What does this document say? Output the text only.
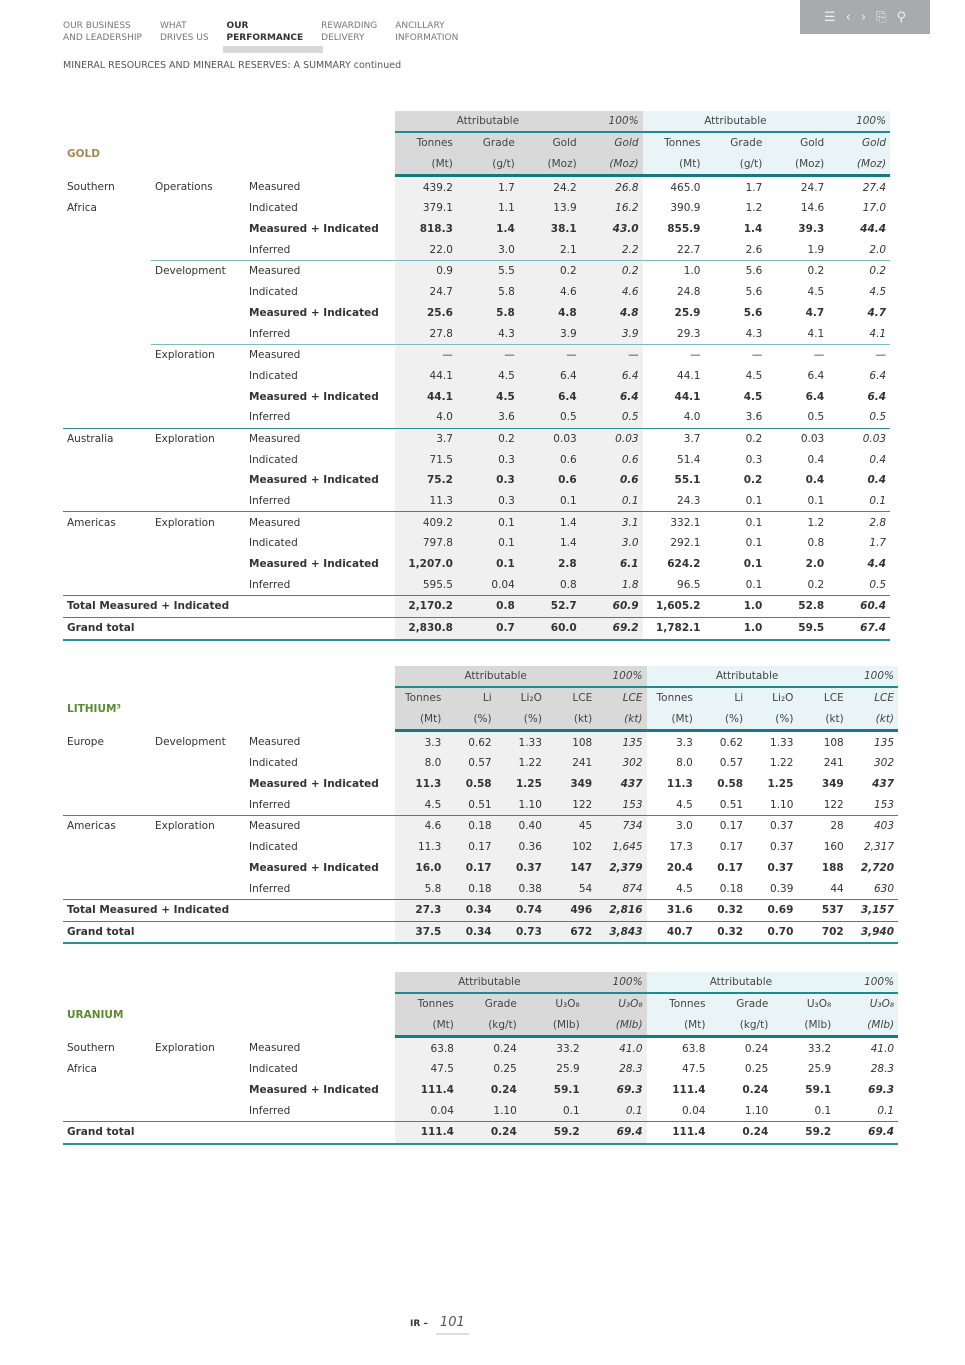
OUR BUSINESS
AND LEADERSHIP
WHAT
DRIVES US
OUR
PERFORMANCE
REWARDING
DELIVERY
ANCILLARY
INFORMATION
☰ ‹ › ⎘ ⚲
MINERAL RESOURCES AND MINERAL RESERVES: A SUMMARY continued
			Attributable			100%	Attributable			100%
GOLD			Tonnes	Grade	Gold	Gold	Tonnes	Grade	Gold	Gold
			(Mt)	(g/t)	(Moz)	(Moz)	(Mt)	(g/t)	(Moz)	(Moz)
Southern	Operations	Measured	439.2	1.7	24.2	26.8	465.0	1.7	24.7	27.4
Africa		Indicated	379.1	1.1	13.9	16.2	390.9	1.2	14.6	17.0
		Measured + Indicated	818.3	1.4	38.1	43.0	855.9	1.4	39.3	44.4
		Inferred	22.0	3.0	2.1	2.2	22.7	2.6	1.9	2.0
	Development	Measured	0.9	5.5	0.2	0.2	1.0	5.6	0.2	0.2
		Indicated	24.7	5.8	4.6	4.6	24.8	5.6	4.5	4.5
		Measured + Indicated	25.6	5.8	4.8	4.8	25.9	5.6	4.7	4.7
		Inferred	27.8	4.3	3.9	3.9	29.3	4.3	4.1	4.1
	Exploration	Measured	—	—	—	—	—	—	—	—
		Indicated	44.1	4.5	6.4	6.4	44.1	4.5	6.4	6.4
		Measured + Indicated	44.1	4.5	6.4	6.4	44.1	4.5	6.4	6.4
		Inferred	4.0	3.6	0.5	0.5	4.0	3.6	0.5	0.5
Australia	Exploration	Measured	3.7	0.2	0.03	0.03	3.7	0.2	0.03	0.03
		Indicated	71.5	0.3	0.6	0.6	51.4	0.3	0.4	0.4
		Measured + Indicated	75.2	0.3	0.6	0.6	55.1	0.2	0.4	0.4
		Inferred	11.3	0.3	0.1	0.1	24.3	0.1	0.1	0.1
Americas	Exploration	Measured	409.2	0.1	1.4	3.1	332.1	0.1	1.2	2.8
		Indicated	797.8	0.1	1.4	3.0	292.1	0.1	0.8	1.7
		Measured + Indicated	1,207.0	0.1	2.8	6.1	624.2	0.1	2.0	4.4
		Inferred	595.5	0.04	0.8	1.8	96.5	0.1	0.2	0.5
Total Measured + Indicated			2,170.2	0.8	52.7	60.9	1,605.2	1.0	52.8	60.4
Grand total			2,830.8	0.7	60.0	69.2	1,782.1	1.0	59.5	67.4
			Attributable				100%	Attributable				100%
LITHIUM³			Tonnes	Li	Li₂O	LCE	LCE	Tonnes	Li	Li₂O	LCE	LCE
			(Mt)	(%)	(%)	(kt)	(kt)	(Mt)	(%)	(%)	(kt)	(kt)
Europe	Development	Measured	3.3	0.62	1.33	108	135	3.3	0.62	1.33	108	135
		Indicated	8.0	0.57	1.22	241	302	8.0	0.57	1.22	241	302
		Measured + Indicated	11.3	0.58	1.25	349	437	11.3	0.58	1.25	349	437
		Inferred	4.5	0.51	1.10	122	153	4.5	0.51	1.10	122	153
Americas	Exploration	Measured	4.6	0.18	0.40	45	734	3.0	0.17	0.37	28	403
		Indicated	11.3	0.17	0.36	102	1,645	17.3	0.17	0.37	160	2,317
		Measured + Indicated	16.0	0.17	0.37	147	2,379	20.4	0.17	0.37	188	2,720
		Inferred	5.8	0.18	0.38	54	874	4.5	0.18	0.39	44	630
Total Measured + Indicated			27.3	0.34	0.74	496	2,816	31.6	0.32	0.69	537	3,157
Grand total			37.5	0.34	0.73	672	3,843	40.7	0.32	0.70	702	3,940
			Attributable			100%	Attributable			100%
URANIUM			Tonnes	Grade	U₃O₈	U₃O₈	Tonnes	Grade	U₃O₈	U₃O₈
			(Mt)	(kg/t)	(Mlb)	(Mlb)	(Mt)	(kg/t)	(Mlb)	(Mlb)
Southern	Exploration	Measured	63.8	0.24	33.2	41.0	63.8	0.24	33.2	41.0
Africa		Indicated	47.5	0.25	25.9	28.3	47.5	0.25	25.9	28.3
		Measured + Indicated	111.4	0.24	59.1	69.3	111.4	0.24	59.1	69.3
		Inferred	0.04	1.10	0.1	0.1	0.04	1.10	0.1	0.1
Grand total			111.4	0.24	59.2	69.4	111.4	0.24	59.2	69.4
IR – 101
